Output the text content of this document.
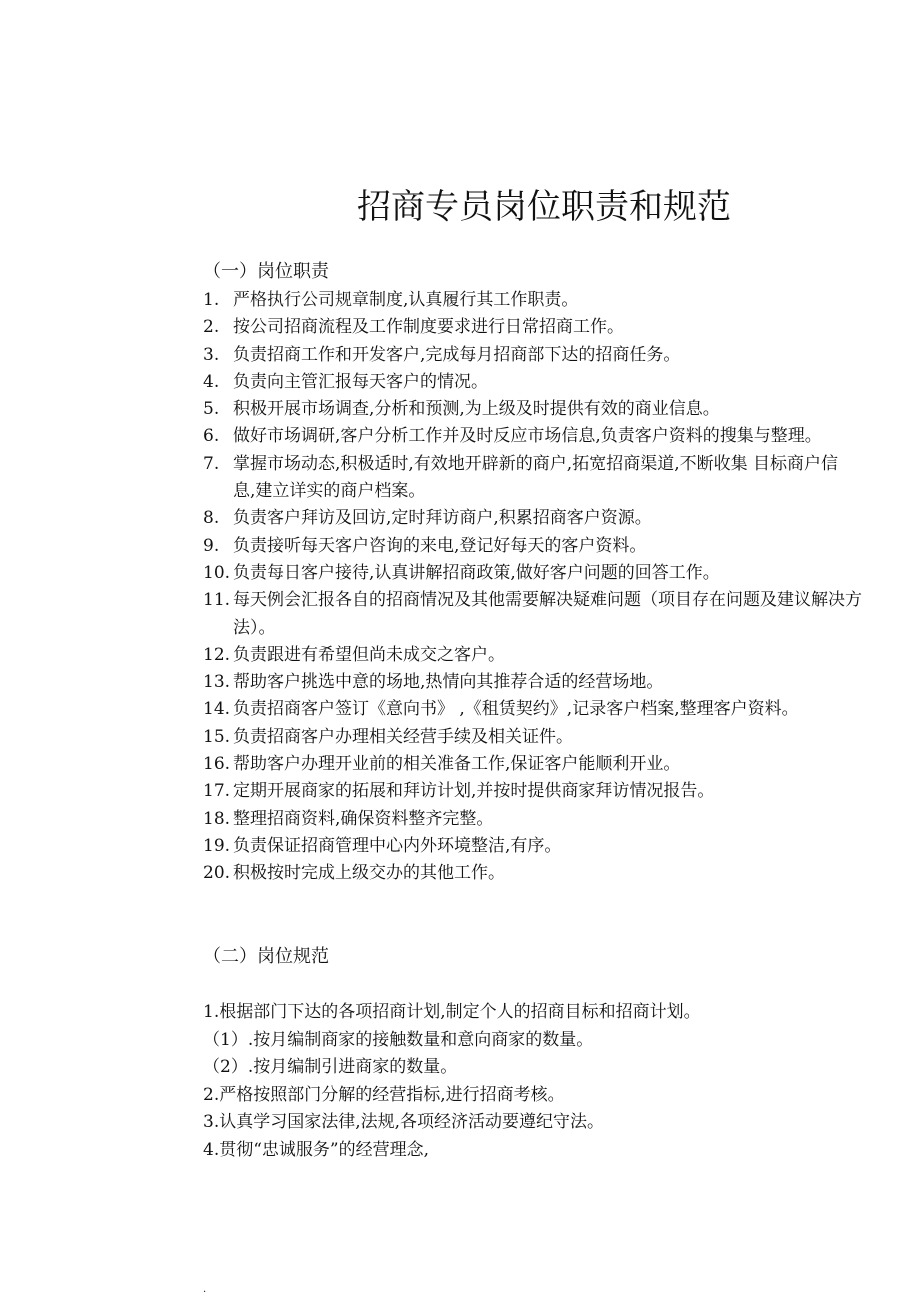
招商专员岗位职责和规范
（一）岗位职责
1. 严格执行公司规章制度,认真履行其工作职责。
2. 按公司招商流程及工作制度要求进行日常招商工作。
3. 负责招商工作和开发客户,完成每月招商部下达的招商任务。
4. 负责向主管汇报每天客户的情况。
5. 积极开展市场调查,分析和预测,为上级及时提供有效的商业信息。
6. 做好市场调研,客户分析工作并及时反应市场信息,负责客户资料的搜集与整理。
7. 掌握市场动态,积极适时,有效地开辟新的商户,拓宽招商渠道,不断收集 目标商户信息,建立详实的商户档案。
8. 负责客户拜访及回访,定时拜访商户,积累招商客户资源。
9. 负责接听每天客户咨询的来电,登记好每天的客户资料。
10. 负责每日客户接待,认真讲解招商政策,做好客户问题的回答工作。
11. 每天例会汇报各自的招商情况及其他需要解决疑难问题（项目存在问题及建议解决方法）。
12. 负责跟进有希望但尚未成交之客户。
13. 帮助客户挑选中意的场地,热情向其推荐合适的经营场地。
14. 负责招商客户签订《意向书》 ,《租赁契约》,记录客户档案,整理客户资料。
15. 负责招商客户办理相关经营手续及相关证件。
16. 帮助客户办理开业前的相关准备工作,保证客户能顺利开业。
17. 定期开展商家的拓展和拜访计划,并按时提供商家拜访情况报告。
18. 整理招商资料,确保资料整齐完整。
19. 负责保证招商管理中心内外环境整洁,有序。
20. 积极按时完成上级交办的其他工作。
（二）岗位规范
1.根据部门下达的各项招商计划,制定个人的招商目标和招商计划。
（1）.按月编制商家的接触数量和意向商家的数量。
（2）.按月编制引进商家的数量。
2.严格按照部门分解的经营指标,进行招商考核。
3.认真学习国家法律,法规,各项经济活动要遵纪守法。
4.贯彻“忠诚服务”的经营理念,
.
